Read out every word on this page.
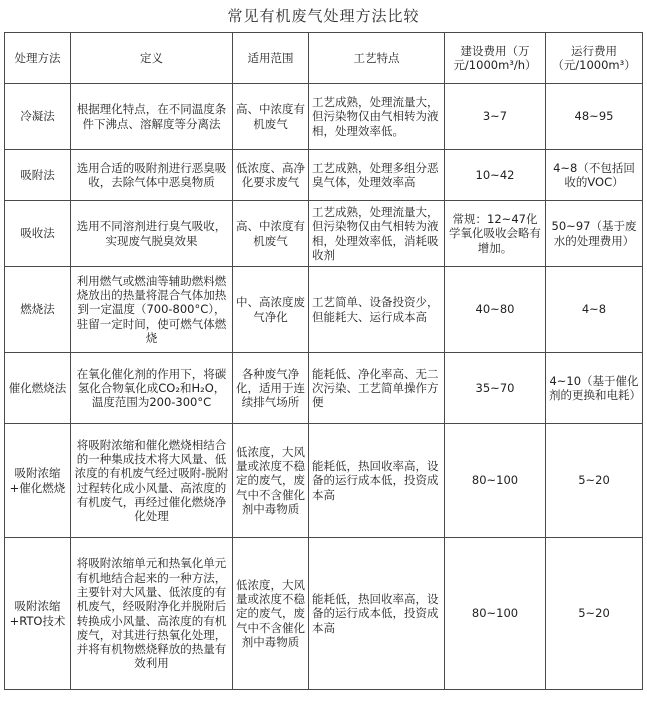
常见有机废气处理方法比较
处理方法	定义	适用范围	工艺特点	建设费用（万元/1000m³/h）	运行费用（元/1000m³）
冷凝法	根据理化特点，在不同温度条件下沸点、溶解度等分离法	高、中浓度有机废气	工艺成熟，处理流量大，但污染物仅由气相转为液相，处理效率低。	3~7	48~95
吸附法	选用合适的吸附剂进行恶臭吸收，去除气体中恶臭物质	低浓度、高净化要求废气	工艺成熟，处理多组分恶臭气体，处理效率高	10~42	4~8（不包括回收的VOC）
吸收法	选用不同溶剂进行臭气吸收，实现废气脱臭效果	高、中浓度有机废气	工艺成熟，处理流量大，但污染物仅由气相转为液相，处理效率低，消耗吸收剂	常规：12~47化学氧化吸收会略有增加。	50~97（基于废水的处理费用）
燃烧法	利用燃气或燃油等辅助燃料燃烧放出的热量将混合气体加热到一定温度（700-800°C），驻留一定时间，使可燃气体燃烧	中、高浓度废气净化	工艺简单、设备投资少，但能耗大、运行成本高	40~80	4~8
催化燃烧法	在氧化催化剂的作用下，将碳氢化合物氧化成CO₂和H₂O，温度范围为200-300°C	各种废气净化，适用于连续排气场所	能耗低、净化率高、无二次污染、工艺简单操作方便	35~70	4~10（基于催化剂的更换和电耗）
吸附浓缩+催化燃烧	将吸附浓缩和催化燃烧相结合的一种集成技术将大风量、低浓度的有机废气经过吸附-脱附过程转化成小风量、高浓度的有机废气，再经过催化燃烧净化处理	低浓度，大风量或浓度不稳定的废气，废气中不含催化剂中毒物质	能耗低，热回收率高，设备的运行成本低，投资成本高	80~100	5~20
吸附浓缩+RTO技术	将吸附浓缩单元和热氧化单元有机地结合起来的一种方法，主要针对大风量、低浓度的有机废气，经吸附净化并脱附后转换成小风量、高浓度的有机废气，对其进行热氧化处理，并将有机物燃烧释放的热量有效利用	低浓度，大风量或浓度不稳定的废气，废气中不含催化剂中毒物质	能耗低，热回收率高，设备的运行成本低，投资成本高	80~100	5~20
